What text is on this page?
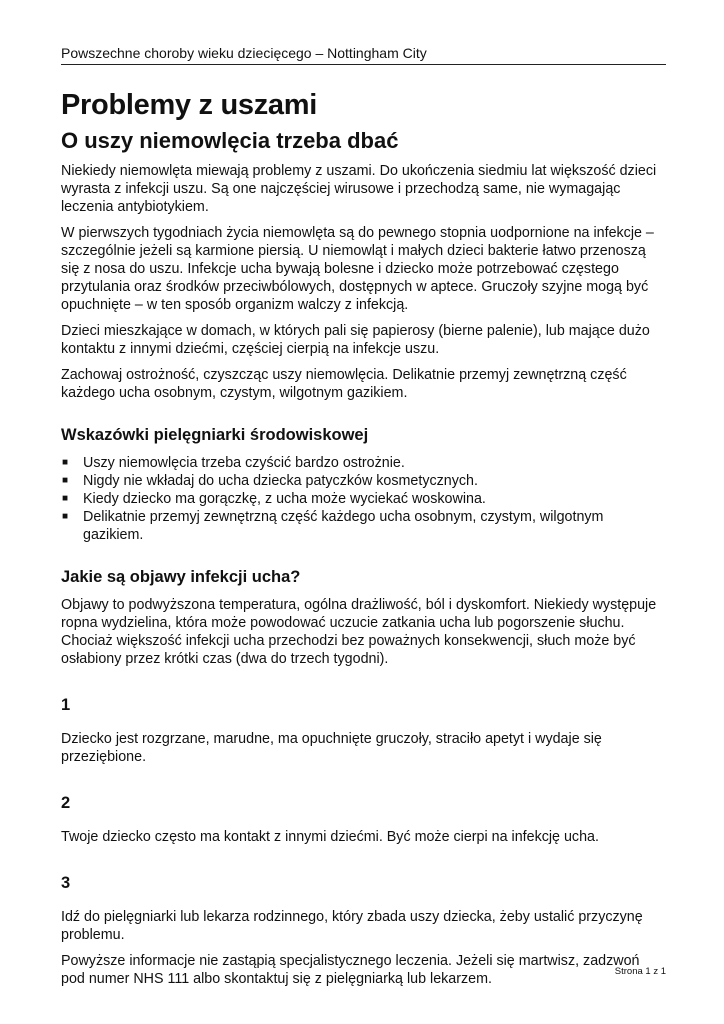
Powszechne choroby wieku dziecięcego – Nottingham City
Problemy z uszami
O uszy niemowlęcia trzeba dbać

Niekiedy niemowlęta miewają problemy z uszami. Do ukończenia siedmiu lat większość dzieci wyrasta z infekcji uszu. Są one najczęściej wirusowe i przechodzą same, nie wymagając leczenia antybiotykiem.

W pierwszych tygodniach życia niemowlęta są do pewnego stopnia uodpornione na infekcje – szczególnie jeżeli są karmione piersią. U niemowląt i małych dzieci bakterie łatwo przenoszą się z nosa do uszu. Infekcje ucha bywają bolesne i dziecko może potrzebować częstego przytulania oraz środków przeciwbólowych, dostępnych w aptece. Gruczoły szyjne mogą być opuchnięte – w ten sposób organizm walczy z infekcją.

Dzieci mieszkające w domach, w których pali się papierosy (bierne palenie), lub mające dużo kontaktu z innymi dziećmi, częściej cierpią na infekcje uszu.

Zachowaj ostrożność, czyszcząc uszy niemowlęcia. Delikatnie przemyj zewnętrzną część każdego ucha osobnym, czystym, wilgotnym gazikiem.

Wskazówki pielęgniarki środowiskowej
■ Uszy niemowlęcia trzeba czyścić bardzo ostrożnie.
■ Nigdy nie wkładaj do ucha dziecka patyczków kosmetycznych.
■ Kiedy dziecko ma gorączkę, z ucha może wyciekać woskowina.
■ Delikatnie przemyj zewnętrzną część każdego ucha osobnym, czystym, wilgotnym gazikiem.
Jakie są objawy infekcji ucha?

Objawy to podwyższona temperatura, ogólna drażliwość, ból i dyskomfort. Niekiedy występuje ropna wydzielina, która może powodować uczucie zatkania ucha lub pogorszenie słuchu. Chociaż większość infekcji ucha przechodzi bez poważnych konsekwencji, słuch może być osłabiony przez krótki czas (dwa do trzech tygodni).

1

Dziecko jest rozgrzane, marudne, ma opuchnięte gruczoły, straciło apetyt i wydaje się przeziębione.

2

Twoje dziecko często ma kontakt z innymi dziećmi. Być może cierpi na infekcję ucha.

3

Idź do pielęgniarki lub lekarza rodzinnego, który zbada uszy dziecka, żeby ustalić przyczynę problemu.

Powyższe informacje nie zastąpią specjalistycznego leczenia. Jeżeli się martwisz, zadzwoń pod numer NHS 111 albo skontaktuj się z pielęgniarką lub lekarzem.	Strona 1 z 1
